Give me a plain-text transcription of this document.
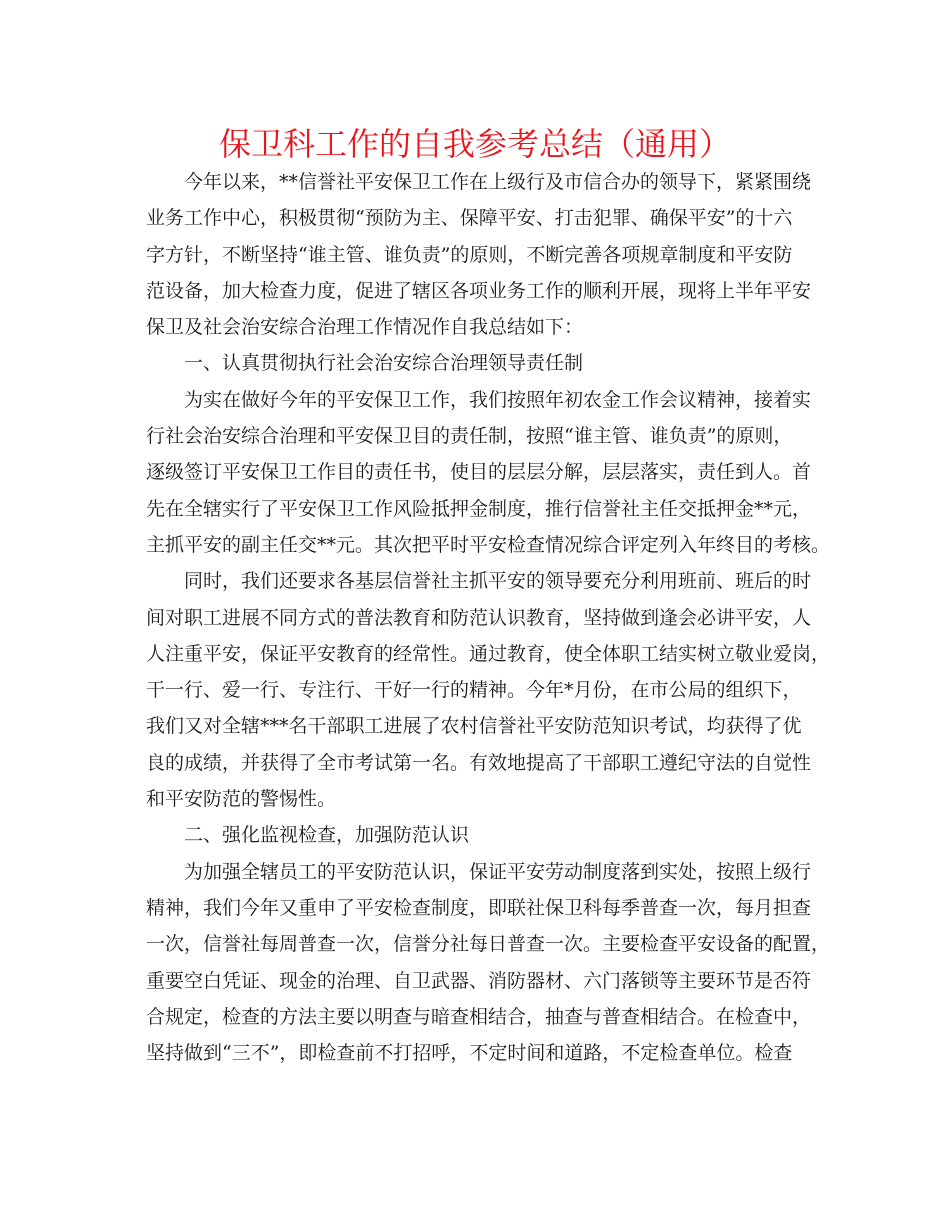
保卫科工作的自我参考总结（通用）
今年以来，**信誉社平安保卫工作在上级行及市信合办的领导下，紧紧围绕
业务工作中心，积极贯彻“预防为主、保障平安、打击犯罪、确保平安”的十六
字方针，不断坚持“谁主管、谁负责”的原则，不断完善各项规章制度和平安防
范设备，加大检查力度，促进了辖区各项业务工作的顺利开展，现将上半年平安
保卫及社会治安综合治理工作情况作自我总结如下：
一、认真贯彻执行社会治安综合治理领导责任制
为实在做好今年的平安保卫工作，我们按照年初农金工作会议精神，接着实
行社会治安综合治理和平安保卫目的责任制，按照“谁主管、谁负责”的原则，
逐级签订平安保卫工作目的责任书，使目的层层分解，层层落实，责任到人。首
先在全辖实行了平安保卫工作风险抵押金制度，推行信誉社主任交抵押金**元，
主抓平安的副主任交**元。其次把平时平安检查情况综合评定列入年终目的考核。
同时，我们还要求各基层信誉社主抓平安的领导要充分利用班前、班后的时
间对职工进展不同方式的普法教育和防范认识教育，坚持做到逢会必讲平安，人
人注重平安，保证平安教育的经常性。通过教育，使全体职工结实树立敬业爱岗，
干一行、爱一行、专注行、干好一行的精神。今年*月份，在市公局的组织下，
我们又对全辖***名干部职工进展了农村信誉社平安防范知识考试，均获得了优
良的成绩，并获得了全市考试第一名。有效地提高了干部职工遵纪守法的自觉性
和平安防范的警惕性。
二、强化监视检查，加强防范认识
为加强全辖员工的平安防范认识，保证平安劳动制度落到实处，按照上级行
精神，我们今年又重申了平安检查制度，即联社保卫科每季普查一次，每月担查
一次，信誉社每周普查一次，信誉分社每日普查一次。主要检查平安设备的配置，
重要空白凭证、现金的治理、自卫武器、消防器材、六门落锁等主要环节是否符
合规定，检查的方法主要以明查与暗查相结合，抽查与普查相结合。在检查中，
坚持做到“三不”，即检查前不打招呼，不定时间和道路，不定检查单位。检查
